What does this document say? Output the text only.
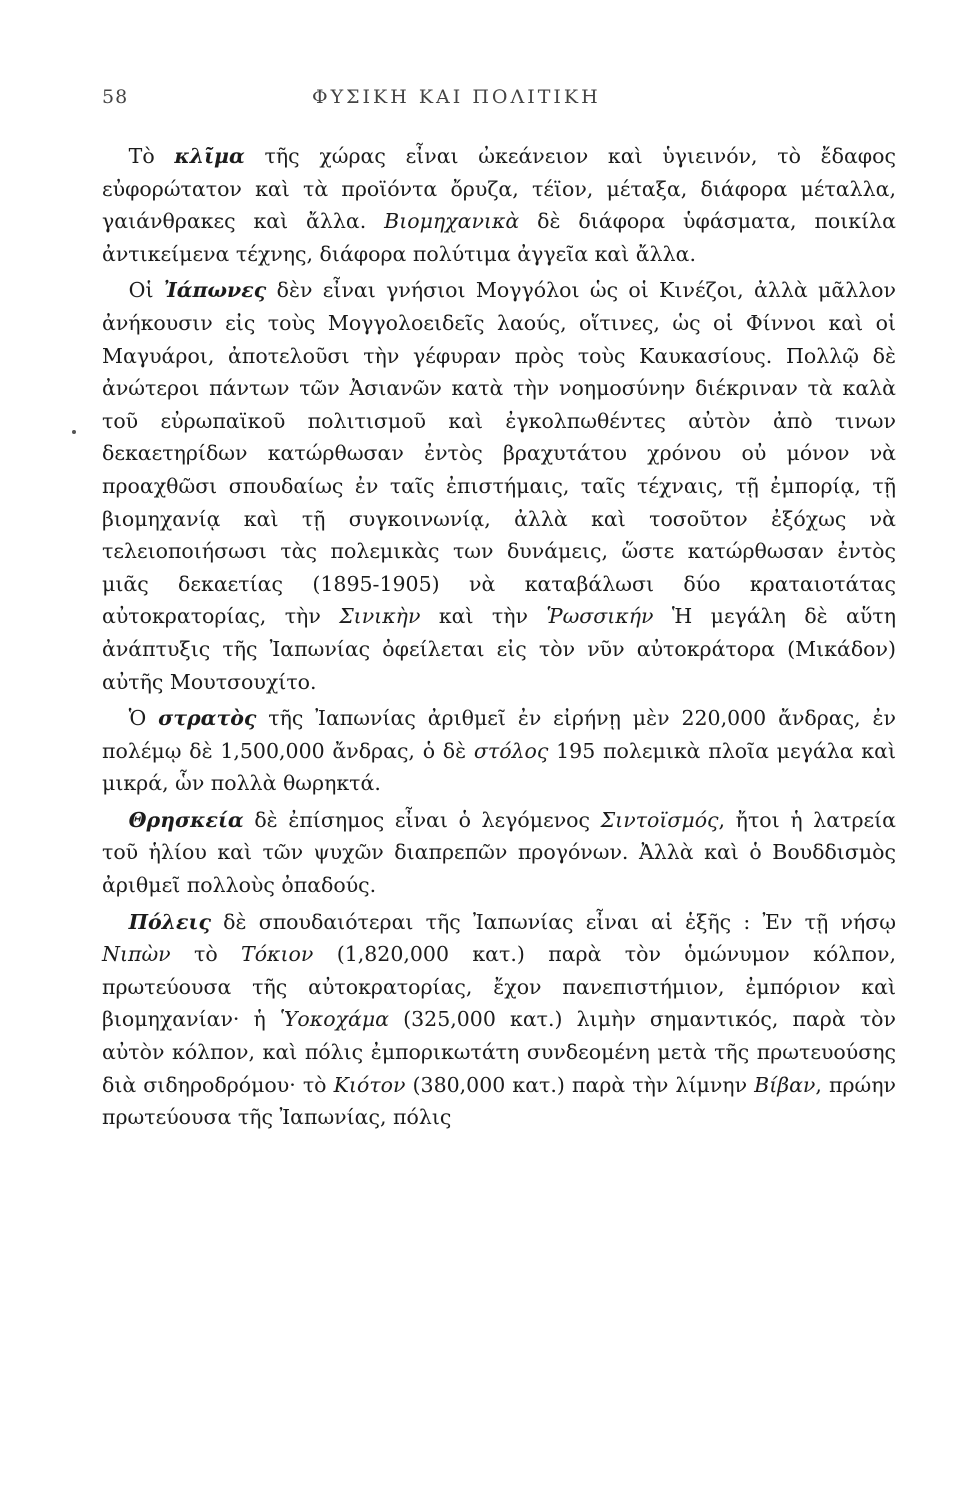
58	ΦΥΣΙΚΗ ΚΑΙ ΠΟΛΙΤΙΚΗ

Τὸ κλῖμα τῆς χώρας εἶναι ὠκεάνειον καὶ ὑγιεινόν, τὸ ἔδαφος εὐφορώτατον καὶ τὰ προϊόντα ὄρυζα, τέϊον, μέταξα, διάφορα μέταλλα, γαιάνθρακες καὶ ἄλλα. Βιομηχανικὰ δὲ διάφορα ὑφάσματα, ποικίλα ἀντικείμενα τέχνης, διάφορα πολύτιμα ἀγγεῖα καὶ ἄλλα.

Οἱ Ἰάπωνες δὲν εἶναι γνήσιοι Μογγόλοι ὡς οἱ Κινέζοι, ἀλλὰ μᾶλλον ἀνήκουσιν εἰς τοὺς Μογγολοειδεῖς λαούς, οἵτινες, ὡς οἱ Φίννοι καὶ οἱ Μαγυάροι, ἀποτελοῦσι τὴν γέφυραν πρὸς τοὺς Καυκασίους. Πολλῷ δὲ ἀνώτεροι πάντων τῶν Ἀσιανῶν κατὰ τὴν νοημοσύνην διέκριναν τὰ καλὰ τοῦ εὐρωπαϊκοῦ πολιτισμοῦ καὶ ἐγκολπωθέντες αὐτὸν ἀπὸ τινων δεκαετηρίδων κατώρθωσαν ἐντὸς βραχυτάτου χρόνου οὐ μόνον νὰ προαχθῶσι σπουδαίως ἐν ταῖς ἐπιστήμαις, ταῖς τέχναις, τῇ ἐμπορίᾳ, τῇ βιομηχανίᾳ καὶ τῇ συγκοινωνίᾳ, ἀλλὰ καὶ τοσοῦτον ἐξόχως νὰ τελειοποιήσωσι τὰς πολεμικὰς των δυνάμεις, ὥστε κατώρθωσαν ἐντὸς μιᾶς δεκαετίας (1895-1905) νὰ καταβάλωσι δύο κραταιοτάτας αὐτοκρατορίας, τὴν Σινικὴν καὶ τὴν Ῥωσσικήν Ἡ μεγάλη δὲ αὕτη ἀνάπτυξις τῆς Ἰαπωνίας ὀφείλεται εἰς τὸν νῦν αὐτοκράτορα (Μικάδον) αὐτῆς Μουτσουχίτο.

Ὁ στρατὸς τῆς Ἰαπωνίας ἀριθμεῖ ἐν εἰρήνῃ μὲν 220,000 ἄνδρας, ἐν πολέμῳ δὲ 1,500,000 ἄνδρας, ὁ δὲ στόλος 195 πολεμικὰ πλοῖα μεγάλα καὶ μικρά, ὧν πολλὰ θωρηκτά.

Θρησκεία δὲ ἐπίσημος εἶναι ὁ λεγόμενος Σιντοϊσμός, ἤτοι ἡ λατρεία τοῦ ἡλίου καὶ τῶν ψυχῶν διαπρεπῶν προγόνων. Ἀλλὰ καὶ ὁ Βουδδισμὸς ἀριθμεῖ πολλοὺς ὀπαδούς.

Πόλεις δὲ σπουδαιότεραι τῆς Ἰαπωνίας εἶναι αἱ ἑξῆς : Ἐν τῇ νήσῳ Νιπὼν τὸ Τόκιον (1,820,000 κατ.) παρὰ τὸν ὁμώνυμον κόλπον, πρωτεύουσα τῆς αὐτοκρατορίας, ἔχον πανεπιστήμιον, ἐμπόριον καὶ βιομηχανίαν· ἡ Ὑοκοχάμα (325,000 κατ.) λιμὴν σημαντικός, παρὰ τὸν αὐτὸν κόλπον, καὶ πόλις ἐμπορικωτάτη συνδεομένη μετὰ τῆς πρωτευούσης διὰ σιδηροδρόμου· τὸ Κιότον (380,000 κατ.) παρὰ τὴν λίμνην Βίβαν, πρώην πρωτεύουσα τῆς Ἰαπωνίας, πόλις
